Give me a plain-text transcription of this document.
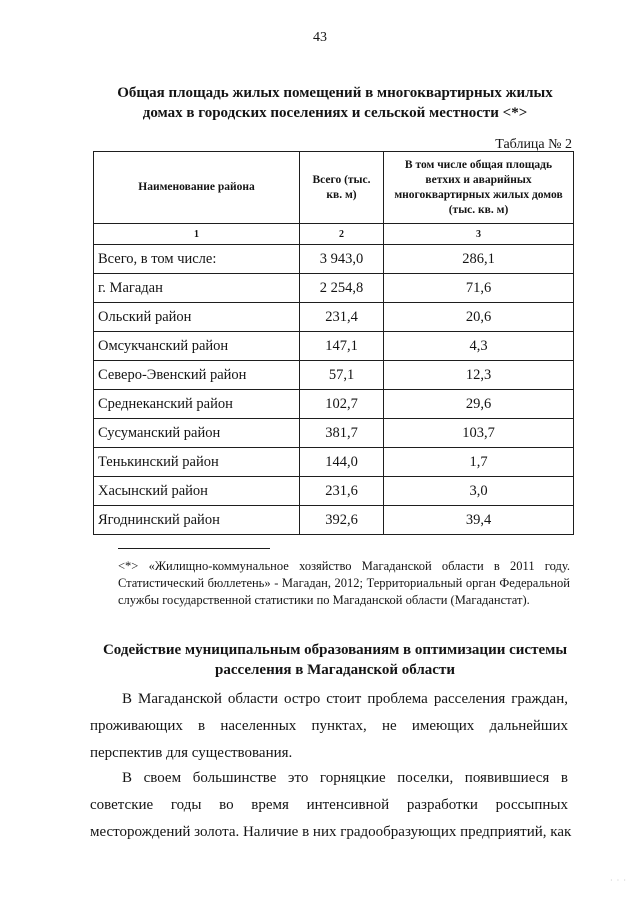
43
Общая площадь жилых помещений в многоквартирных жилых
домах в городских поселениях и сельской местности <*>
Таблица № 2
Наименование района	Всего (тыс. кв. м)	В том числе общая площадь ветхих и аварийных многоквартирных жилых домов (тыс. кв. м)
1	2	3
Всего, в том числе:	3 943,0	286,1
г. Магадан	2 254,8	71,6
Ольский район	231,4	20,6
Омсукчанский район	147,1	4,3
Северо-Эвенский район	57,1	12,3
Среднеканский район	102,7	29,6
Сусуманский район	381,7	103,7
Тенькинский район	144,0	1,7
Хасынский район	231,6	3,0
Ягоднинский район	392,6	39,4
<*> «Жилищно-коммунальное хозяйство Магаданской области в 2011 году.
Статистический бюллетень» - Магадан, 2012; Территориальный орган Федеральной
службы государственной статистики по Магаданской области (Магаданстат).
Содействие муниципальным образованиям в оптимизации системы
расселения в Магаданской области
В Магаданской области остро стоит проблема расселения граждан,
проживающих в населенных пунктах, не имеющих дальнейших
перспектив для существования.
В своем большинстве это горняцкие поселки, появившиеся в
советские годы во время интенсивной разработки россыпных
месторождений золота. Наличие в них градообразующих предприятий, как
· · ·
